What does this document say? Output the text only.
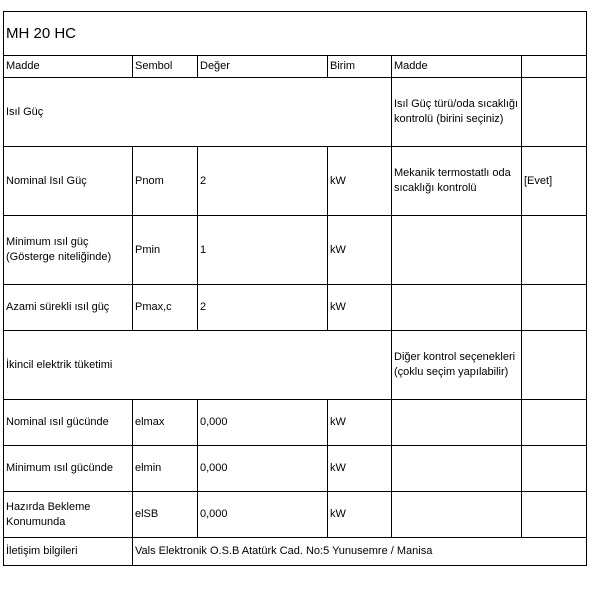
MH 20 HC					
Madde	Sembol	Değer	Birim	Madde	
Isıl Güç				Isıl Güç türü/oda sıcaklığı kontrolü (birini seçiniz)	
Nominal Isıl Güç	Pnom	2	kW	Mekanik termostatlı oda sıcaklığı kontrolü	[Evet]
Minimum ısıl güç (Gösterge niteliğinde)	Pmin	1	kW		
Azami sürekli ısıl güç	Pmax,c	2	kW		
İkincil elektrik tüketimi				Diğer kontrol seçenekleri (çoklu seçim yapılabilir)	
Nominal ısıl gücünde	elmax	0,000	kW		
Minimum ısıl gücünde	elmin	0,000	kW		
Hazırda Bekleme Konumunda	elSB	0,000	kW		
İletişim bilgileri	Vals Elektronik O.S.B Atatürk Cad. No:5 Yunusemre / Manisa				
